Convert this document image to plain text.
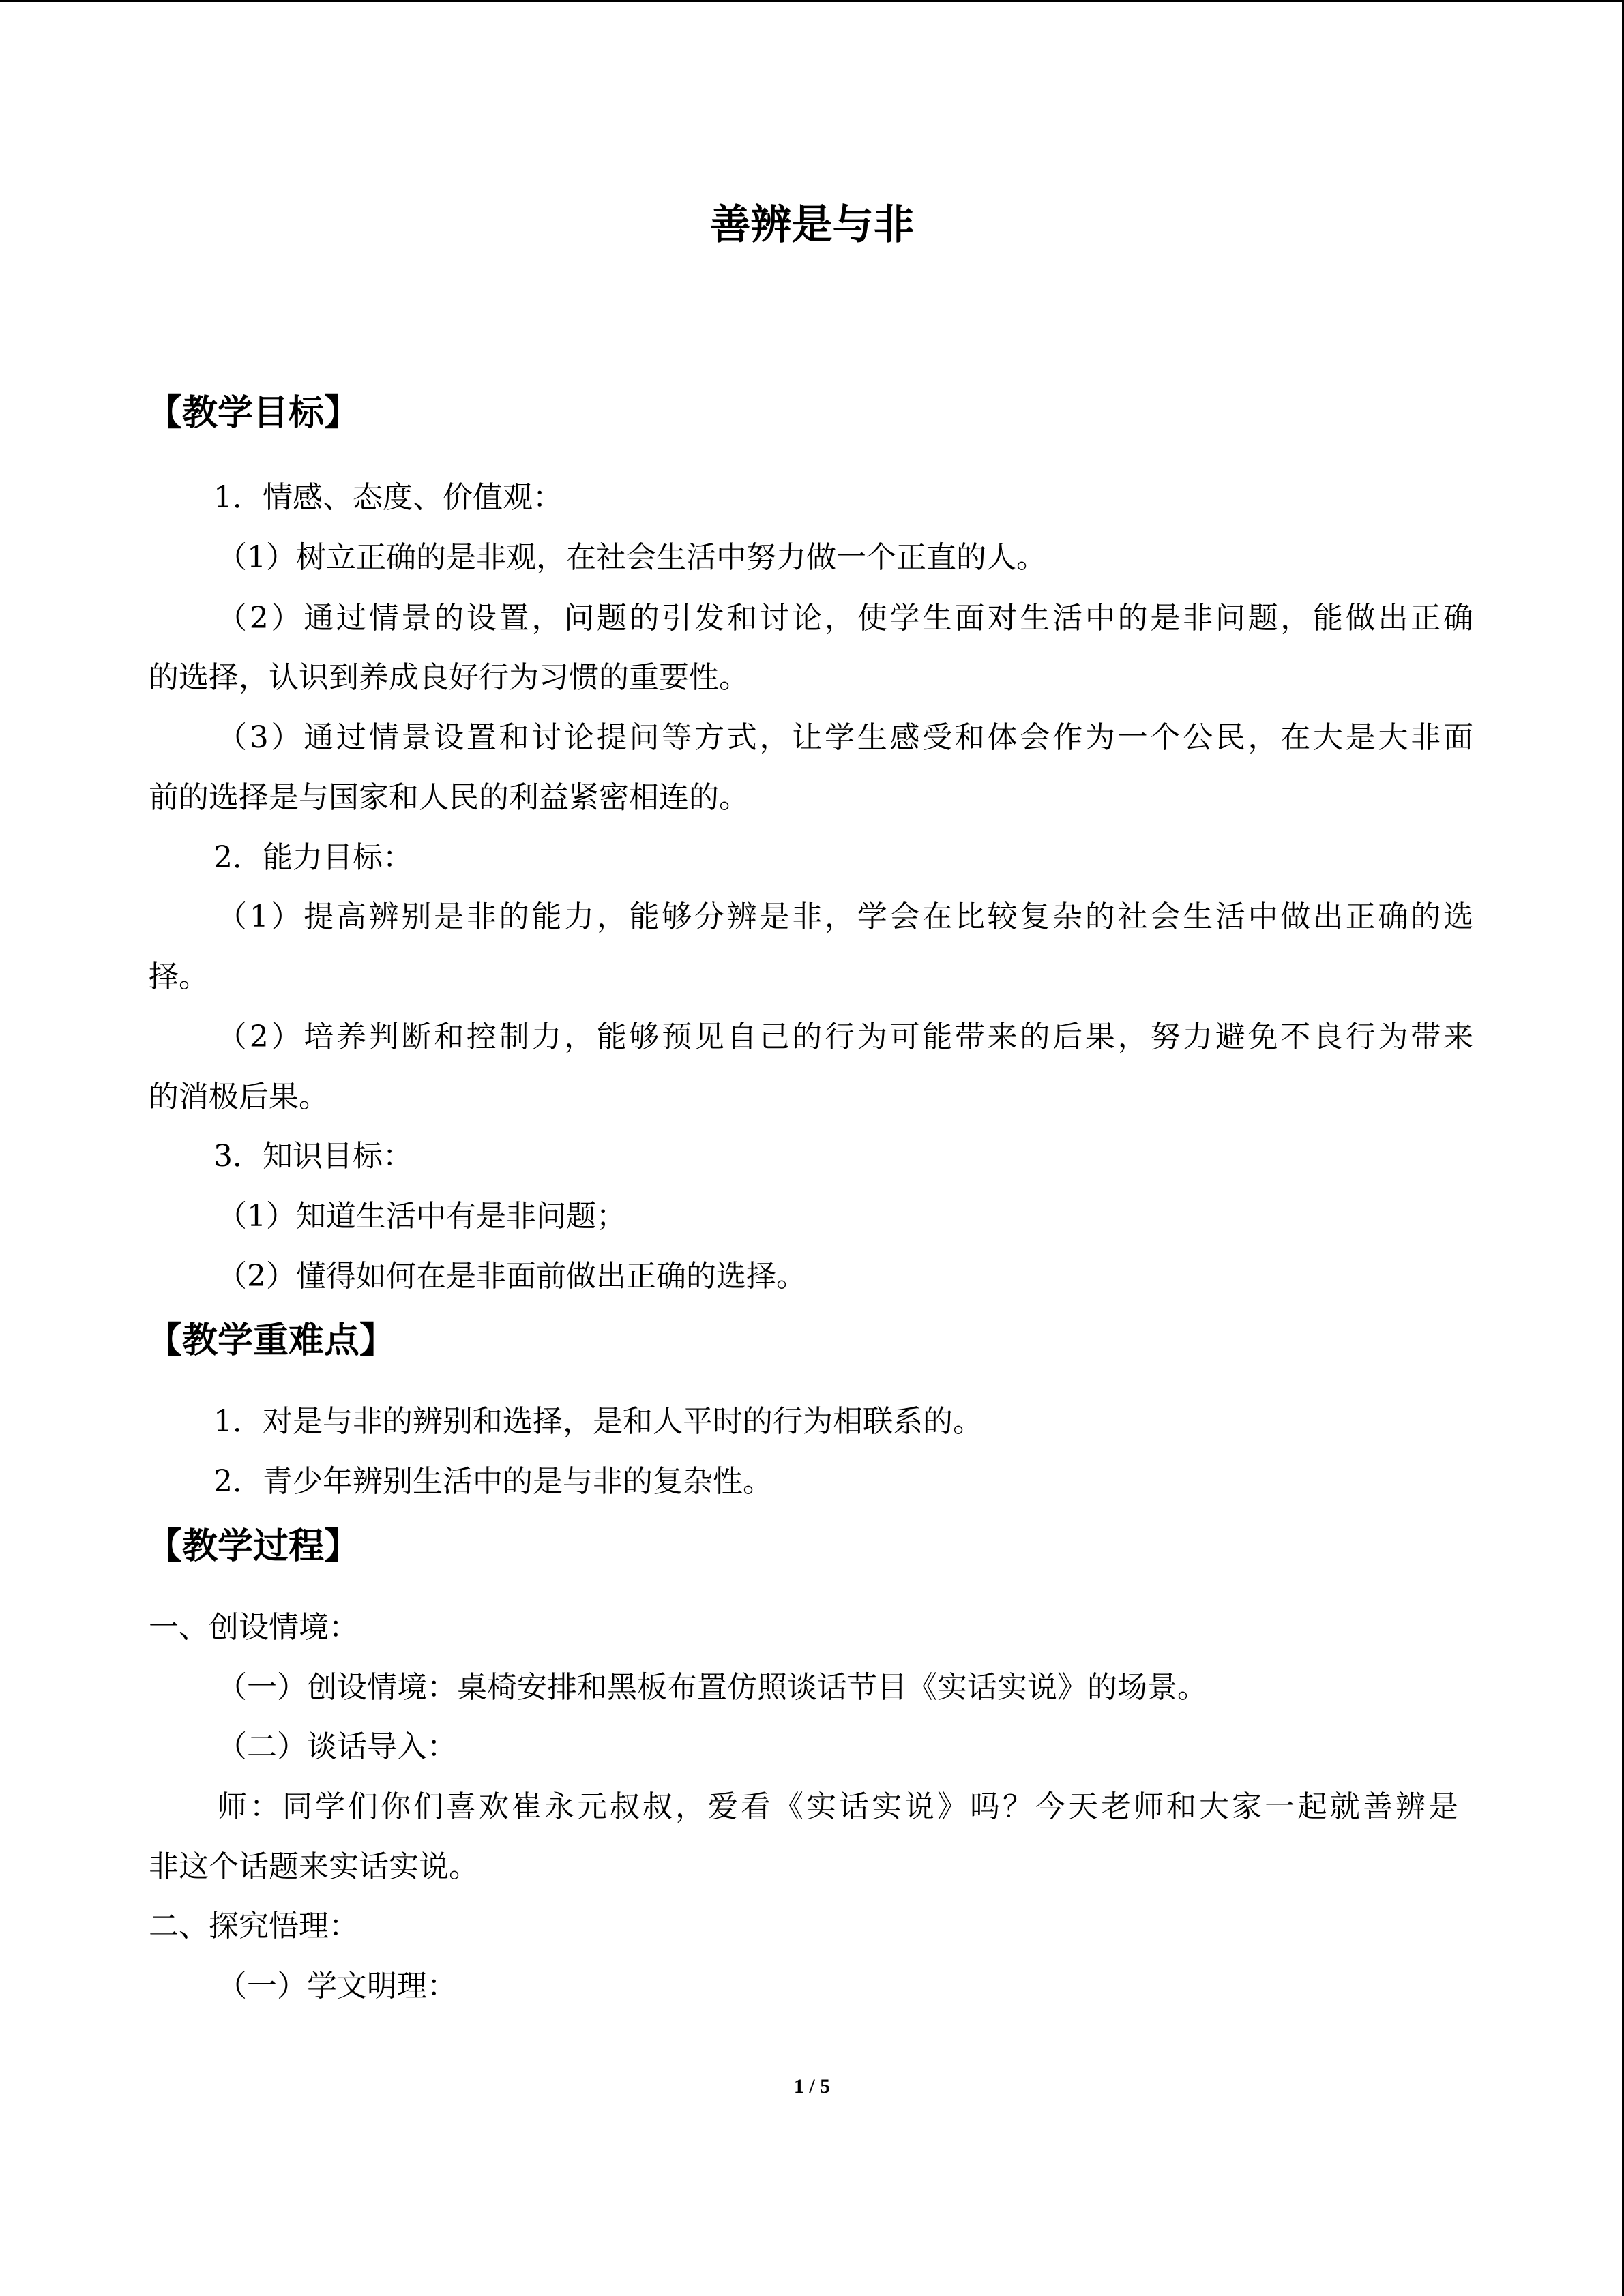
善辨是与非
【教学目标】

1．情感、态度、价值观：

（1）树立正确的是非观，在社会生活中努力做一个正直的人。

（2）通过情景的设置，问题的引发和讨论，使学生面对生活中的是非问题，能做出正确

的选择，认识到养成良好行为习惯的重要性。

（3）通过情景设置和讨论提问等方式，让学生感受和体会作为一个公民，在大是大非面

前的选择是与国家和人民的利益紧密相连的。

2．能力目标：

（1）提高辨别是非的能力，能够分辨是非，学会在比较复杂的社会生活中做出正确的选

择。

（2）培养判断和控制力，能够预见自己的行为可能带来的后果，努力避免不良行为带来

的消极后果。

3．知识目标：

（1）知道生活中有是非问题；

（2）懂得如何在是非面前做出正确的选择。

【教学重难点】

1．对是与非的辨别和选择，是和人平时的行为相联系的。

2．青少年辨别生活中的是与非的复杂性。

【教学过程】

一、创设情境：

（一）创设情境：桌椅安排和黑板布置仿照谈话节目《实话实说》的场景。

（二）谈话导入：

师：同学们你们喜欢崔永元叔叔，爱看《实话实说》吗？今天老师和大家一起就善辨是

非这个话题来实话实说。

二、探究悟理：

（一）学文明理：

1 / 5
